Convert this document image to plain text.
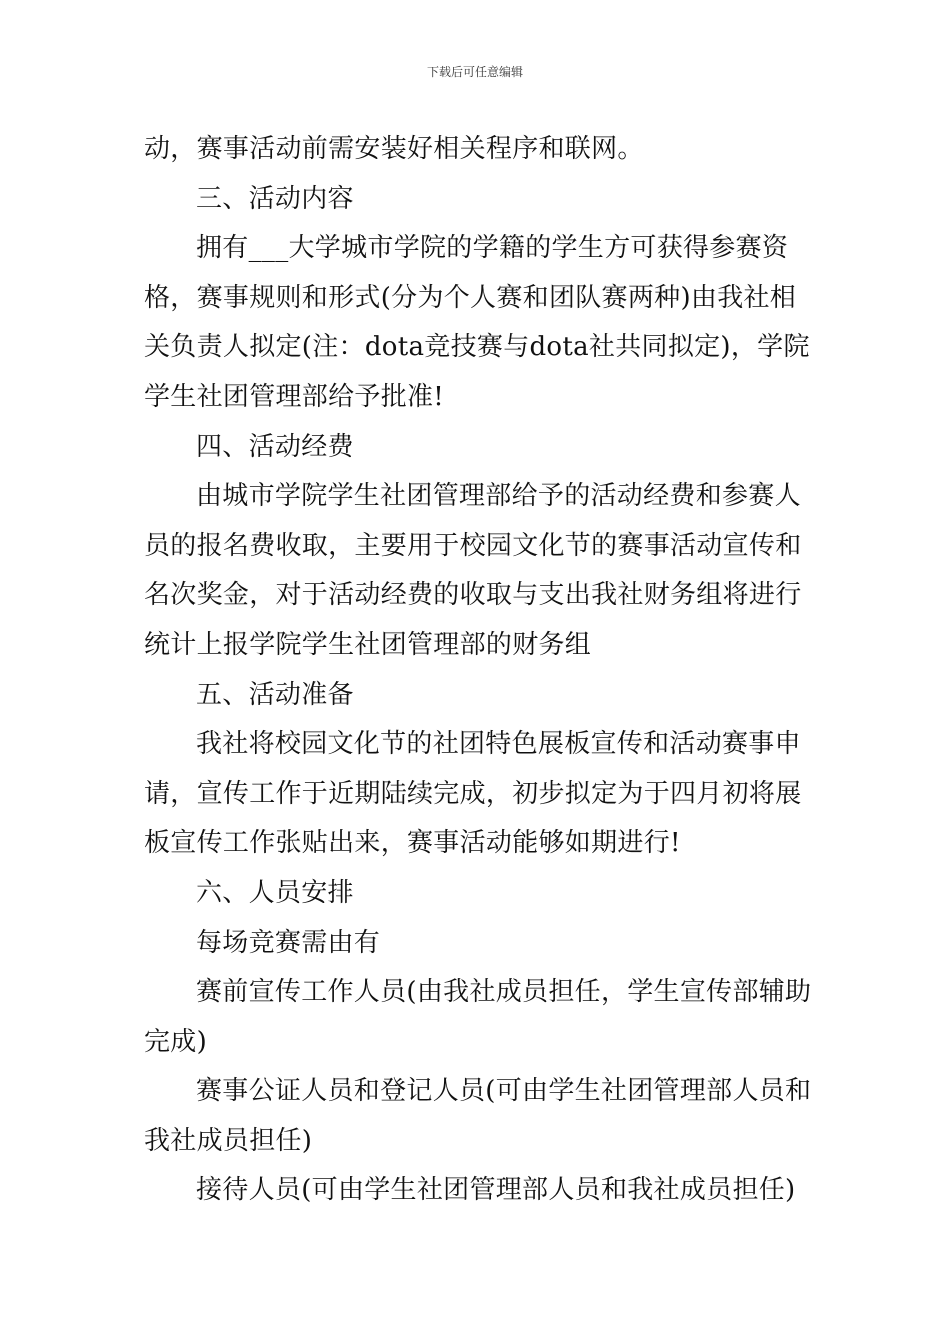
下载后可任意编辑

动，赛事活动前需安装好相关程序和联网。

三、活动内容

拥有___大学城市学院的学籍的学生方可获得参赛资格，赛事规则和形式(分为个人赛和团队赛两种)由我社相关负责人拟定(注：dota竞技赛与dota社共同拟定)，学院学生社团管理部给予批准!

四、活动经费

由城市学院学生社团管理部给予的活动经费和参赛人员的报名费收取，主要用于校园文化节的赛事活动宣传和名次奖金，对于活动经费的收取与支出我社财务组将进行统计上报学院学生社团管理部的财务组

五、活动准备

我社将校园文化节的社团特色展板宣传和活动赛事申请，宣传工作于近期陆续完成，初步拟定为于四月初将展板宣传工作张贴出来，赛事活动能够如期进行!

六、人员安排

每场竞赛需由有

赛前宣传工作人员(由我社成员担任，学生宣传部辅助完成)

赛事公证人员和登记人员(可由学生社团管理部人员和我社成员担任)

接待人员(可由学生社团管理部人员和我社成员担任)
